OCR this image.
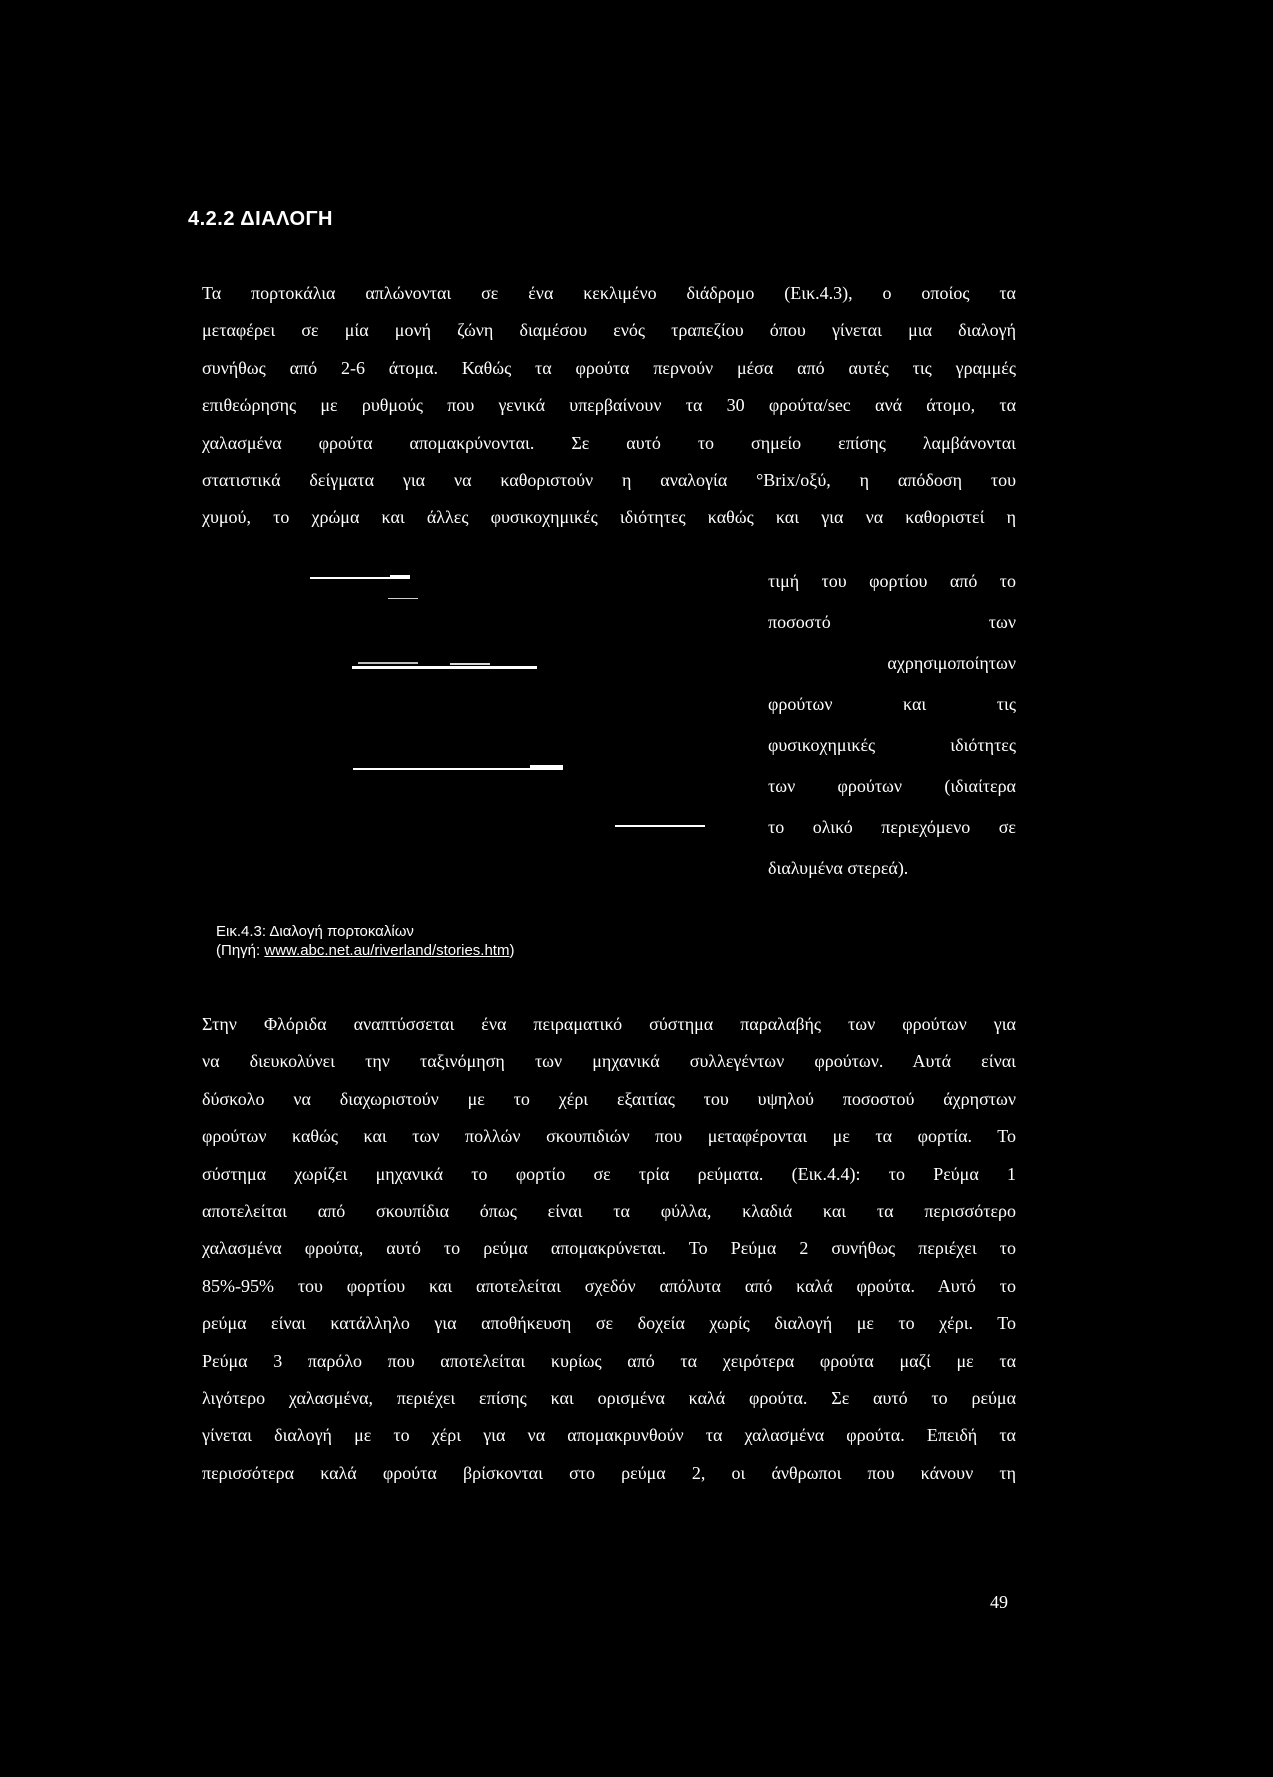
4.2.2 ΔΙΑΛΟΓΗ
Τα πορτοκάλια απλώνονται σε ένα κεκλιμένο διάδρομο (Εικ.4.3), ο οποίος τα
μεταφέρει σε μία μονή ζώνη διαμέσου ενός τραπεζίου όπου γίνεται μια διαλογή
συνήθως από 2-6 άτομα. Καθώς τα φρούτα περνούν μέσα από αυτές τις γραμμές
επιθεώρησης με ρυθμούς που γενικά υπερβαίνουν τα 30 φρούτα/sec ανά άτομο, τα
χαλασμένα φρούτα απομακρύνονται. Σε αυτό το σημείο επίσης λαμβάνονται
στατιστικά δείγματα για να καθοριστούν η αναλογία °Brix/οξύ, η απόδοση του
χυμού, το χρώμα και άλλες φυσικοχημικές ιδιότητες καθώς και για να καθοριστεί η
τιμή του φορτίου από το
ποσοστό των
αχρησιμοποίητων
φρούτων και τις
φυσικοχημικές ιδιότητες
των φρούτων (ιδιαίτερα
το ολικό περιεχόμενο σε
διαλυμένα στερεά).
Εικ.4.3: Διαλογή πορτοκαλίων
(Πηγή: www.abc.net.au/riverland/stories.htm)
Στην Φλόριδα αναπτύσσεται ένα πειραματικό σύστημα παραλαβής των φρούτων για
να διευκολύνει την ταξινόμηση των μηχανικά συλλεγέντων φρούτων. Αυτά είναι
δύσκολο να διαχωριστούν με το χέρι εξαιτίας του υψηλού ποσοστού άχρηστων
φρούτων καθώς και των πολλών σκουπιδιών που μεταφέρονται με τα φορτία. Το
σύστημα χωρίζει μηχανικά το φορτίο σε τρία ρεύματα. (Εικ.4.4): το Ρεύμα 1
αποτελείται από σκουπίδια όπως είναι τα φύλλα, κλαδιά και τα περισσότερο
χαλασμένα φρούτα, αυτό το ρεύμα απομακρύνεται. Το Ρεύμα 2 συνήθως περιέχει το
85%-95% του φορτίου και αποτελείται σχεδόν απόλυτα από καλά φρούτα. Αυτό το
ρεύμα είναι κατάλληλο για αποθήκευση σε δοχεία χωρίς διαλογή με το χέρι. Το
Ρεύμα 3 παρόλο που αποτελείται κυρίως από τα χειρότερα φρούτα μαζί με τα
λιγότερο χαλασμένα, περιέχει επίσης και ορισμένα καλά φρούτα. Σε αυτό το ρεύμα
γίνεται διαλογή με το χέρι για να απομακρυνθούν τα χαλασμένα φρούτα. Επειδή τα
περισσότερα καλά φρούτα βρίσκονται στο ρεύμα 2, οι άνθρωποι που κάνουν τη

49
